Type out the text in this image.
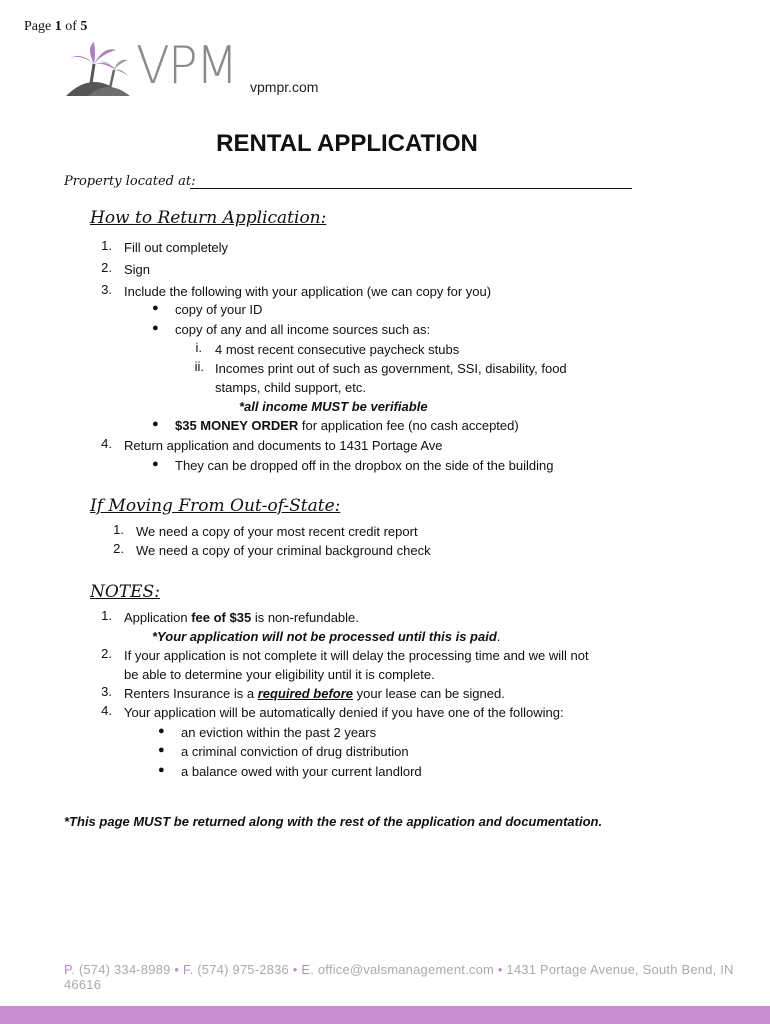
Page 1 of 5
VPM vpmpr.com
RENTAL APPLICATION
Property located at:
How to Return Application:
1. Fill out completely
2. Sign
3. Include the following with your application (we can copy for you)
● copy of your ID
● copy of any and all income sources such as:
i. 4 most recent consecutive paycheck stubs
ii. Incomes print out of such as government, SSI, disability, food
stamps, child support, etc.
*all income MUST be verifiable
● $35 MONEY ORDER for application fee (no cash accepted)
4. Return application and documents to 1431 Portage Ave
● They can be dropped off in the dropbox on the side of the building
If Moving From Out-of-State:
1. We need a copy of your most recent credit report
2. We need a copy of your criminal background check
NOTES:
1. Application fee of $35 is non-refundable.
*Your application will not be processed until this is paid.
2. If your application is not complete it will delay the processing time and we will not
be able to determine your eligibility until it is complete.
3. Renters Insurance is a required before your lease can be signed.
4. Your application will be automatically denied if you have one of the following:
● an eviction within the past 2 years
● a criminal conviction of drug distribution
● a balance owed with your current landlord
*This page MUST be returned along with the rest of the application and documentation.
P. (574) 334-8989 • F. (574) 975-2836 • E. office@valsmanagement.com • 1431 Portage Avenue, South Bend, IN 46616
